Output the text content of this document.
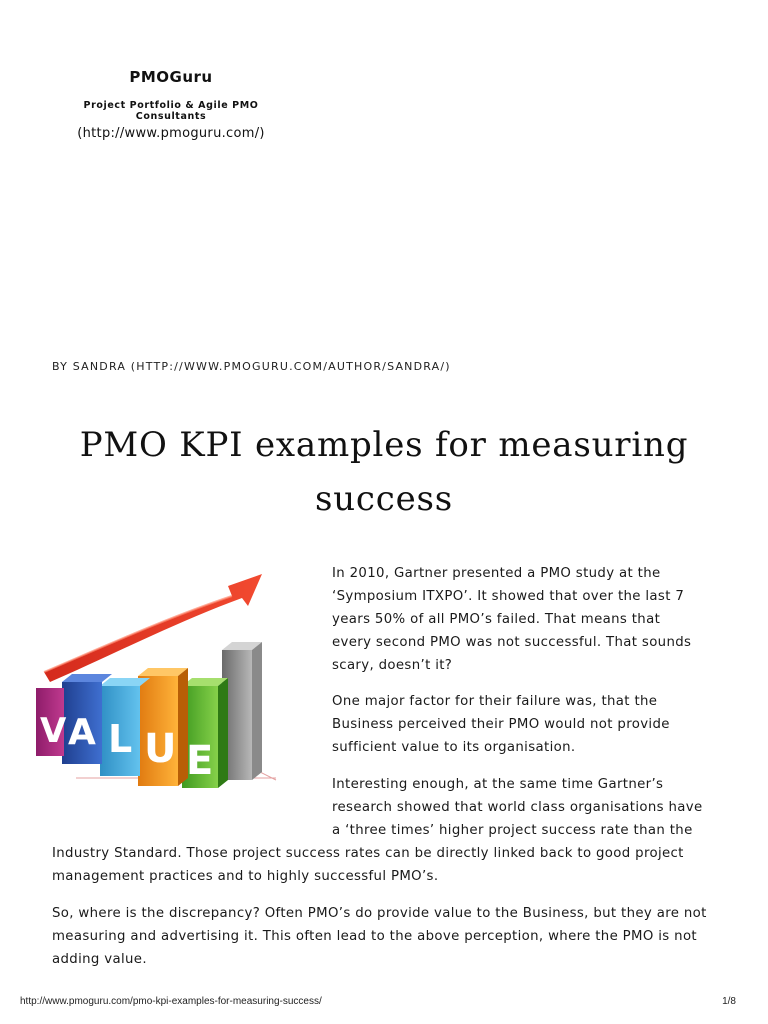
PMOGuru
Project Portfolio & Agile PMO Consultants
(http://www.pmoguru.com/)
BY SANDRA (HTTP://WWW.PMOGURU.COM/AUTHOR/SANDRA/)
PMO KPI examples for measuring
success
V A L U E

In 2010, Gartner presented a PMO study at the ‘Symposium ITXPO’. It showed that over the last 7 years 50% of all PMO’s failed. That means that every second PMO was not successful. That sounds scary, doesn’t it?

One major factor for their failure was, that the Business perceived their PMO would not provide sufficient value to its organisation.

Interesting enough, at the same time Gartner’s research showed that world class organisations have a ‘three times’ higher project success rate than the

Industry Standard. Those project success rates can be directly linked back to good project management practices and to highly successful PMO’s.

So, where is the discrepancy? Often PMO’s do provide value to the Business, but they are not measuring and advertising it. This often lead to the above perception, where the PMO is not adding value.

http://www.pmoguru.com/pmo-kpi-examples-for-measuring-success/	1/8
